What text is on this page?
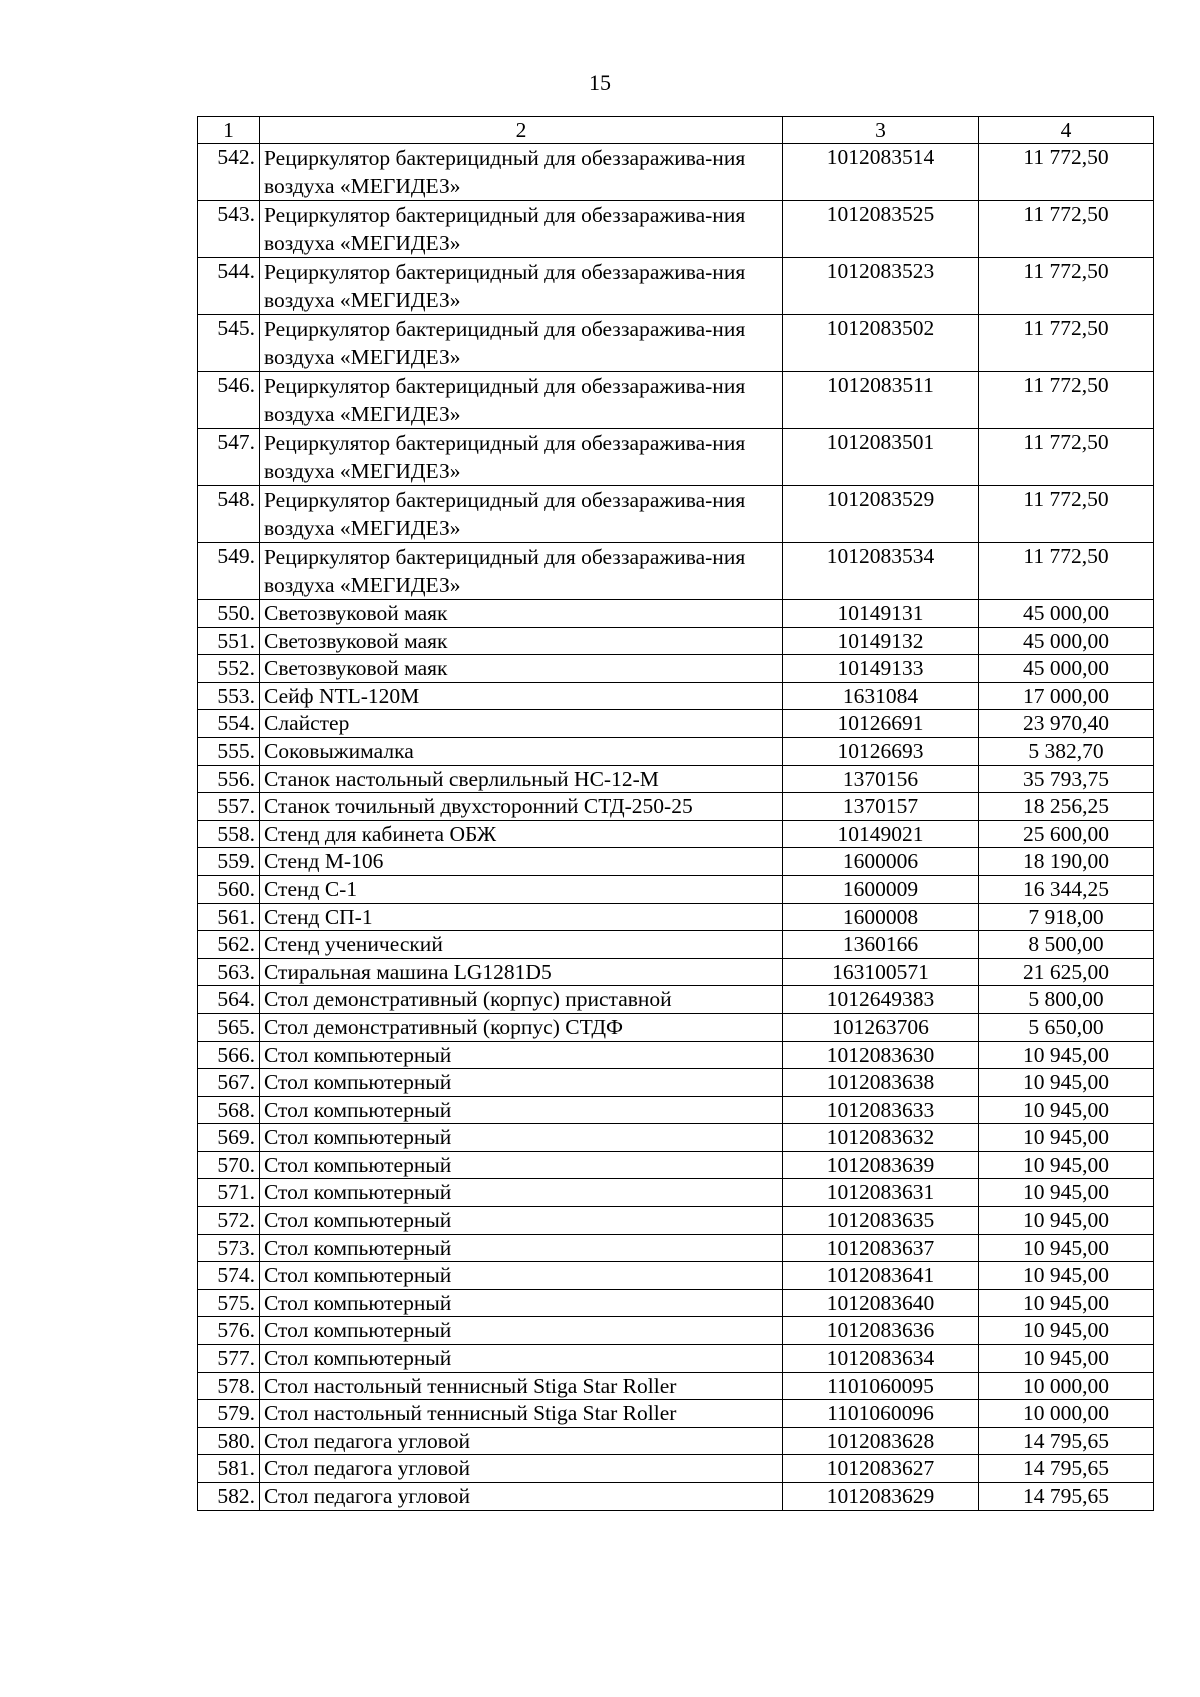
15
1	2	3	4
542.	Рециркулятор бактерицидный для обеззаражива-ния воздуха «МЕГИДЕЗ»	1012083514	11 772,50
543.	Рециркулятор бактерицидный для обеззаражива-ния воздуха «МЕГИДЕЗ»	1012083525	11 772,50
544.	Рециркулятор бактерицидный для обеззаражива-ния воздуха «МЕГИДЕЗ»	1012083523	11 772,50
545.	Рециркулятор бактерицидный для обеззаражива-ния воздуха «МЕГИДЕЗ»	1012083502	11 772,50
546.	Рециркулятор бактерицидный для обеззаражива-ния воздуха «МЕГИДЕЗ»	1012083511	11 772,50
547.	Рециркулятор бактерицидный для обеззаражива-ния воздуха «МЕГИДЕЗ»	1012083501	11 772,50
548.	Рециркулятор бактерицидный для обеззаражива-ния воздуха «МЕГИДЕЗ»	1012083529	11 772,50
549.	Рециркулятор бактерицидный для обеззаражива-ния воздуха «МЕГИДЕЗ»	1012083534	11 772,50
550.	Светозвуковой маяк	10149131	45 000,00
551.	Светозвуковой маяк	10149132	45 000,00
552.	Светозвуковой маяк	10149133	45 000,00
553.	Сейф NTL-120M	1631084	17 000,00
554.	Слайстер	10126691	23 970,40
555.	Соковыжималка	10126693	5 382,70
556.	Станок настольный сверлильный НС-12-М	1370156	35 793,75
557.	Станок точильный двухсторонний СТД-250-25	1370157	18 256,25
558.	Стенд для кабинета ОБЖ	10149021	25 600,00
559.	Стенд М-106	1600006	18 190,00
560.	Стенд С-1	1600009	16 344,25
561.	Стенд СП-1	1600008	7 918,00
562.	Стенд ученический	1360166	8 500,00
563.	Стиральная машина LG1281D5	163100571	21 625,00
564.	Стол демонстративный (корпус) приставной	1012649383	5 800,00
565.	Стол демонстративный (корпус) СТДФ	101263706	5 650,00
566.	Стол компьютерный	1012083630	10 945,00
567.	Стол компьютерный	1012083638	10 945,00
568.	Стол компьютерный	1012083633	10 945,00
569.	Стол компьютерный	1012083632	10 945,00
570.	Стол компьютерный	1012083639	10 945,00
571.	Стол компьютерный	1012083631	10 945,00
572.	Стол компьютерный	1012083635	10 945,00
573.	Стол компьютерный	1012083637	10 945,00
574.	Стол компьютерный	1012083641	10 945,00
575.	Стол компьютерный	1012083640	10 945,00
576.	Стол компьютерный	1012083636	10 945,00
577.	Стол компьютерный	1012083634	10 945,00
578.	Стол настольный теннисный Stiga Star Roller	1101060095	10 000,00
579.	Стол настольный теннисный Stiga Star Roller	1101060096	10 000,00
580.	Стол педагога угловой	1012083628	14 795,65
581.	Стол педагога угловой	1012083627	14 795,65
582.	Стол педагога угловой	1012083629	14 795,65
